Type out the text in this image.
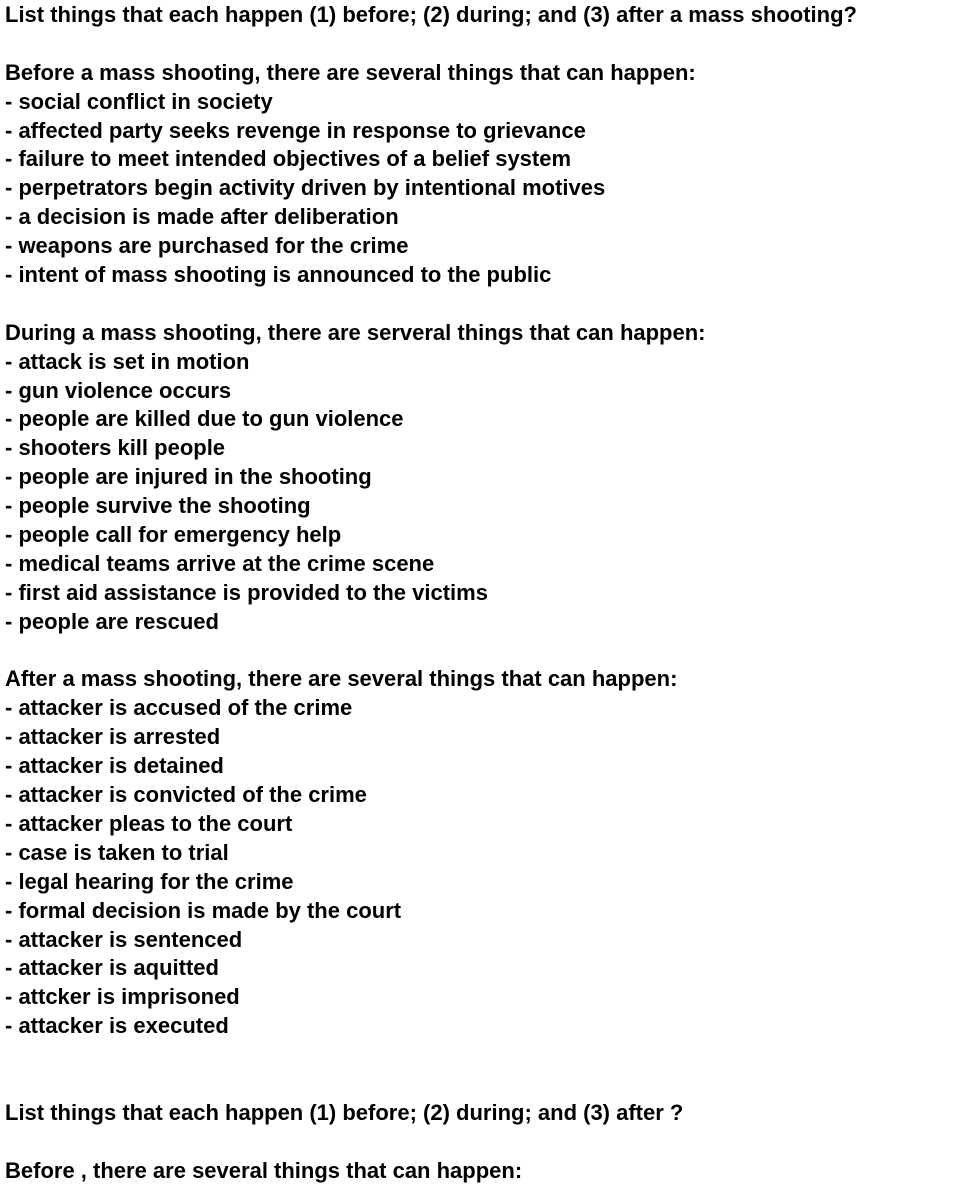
List things that each happen (1) before; (2) during; and (3) after a mass shooting?
Before a mass shooting, there are several things that can happen:
- social conflict in society
- affected party seeks revenge in response to grievance
- failure to meet intended objectives of a belief system
- perpetrators begin activity driven by intentional motives
- a decision is made after deliberation
- weapons are purchased for the crime
- intent of mass shooting is announced to the public
During a mass shooting, there are serveral things that can happen:
- attack is set in motion
- gun violence occurs
- people are killed due to gun violence
- shooters kill people
- people are injured in the shooting
- people survive the shooting
- people call for emergency help
- medical teams arrive at the crime scene
- first aid assistance is provided to the victims
- people are rescued
After a mass shooting, there are several things that can happen:
- attacker is accused of the crime
- attacker is arrested
- attacker is detained
- attacker is convicted of the crime
- attacker pleas to the court
- case is taken to trial
- legal hearing for the crime
- formal decision is made by the court
- attacker is sentenced
- attacker is aquitted
- attcker is imprisoned
- attacker is executed
List things that each happen (1) before; (2) during; and (3) after ?
Before , there are several things that can happen:
